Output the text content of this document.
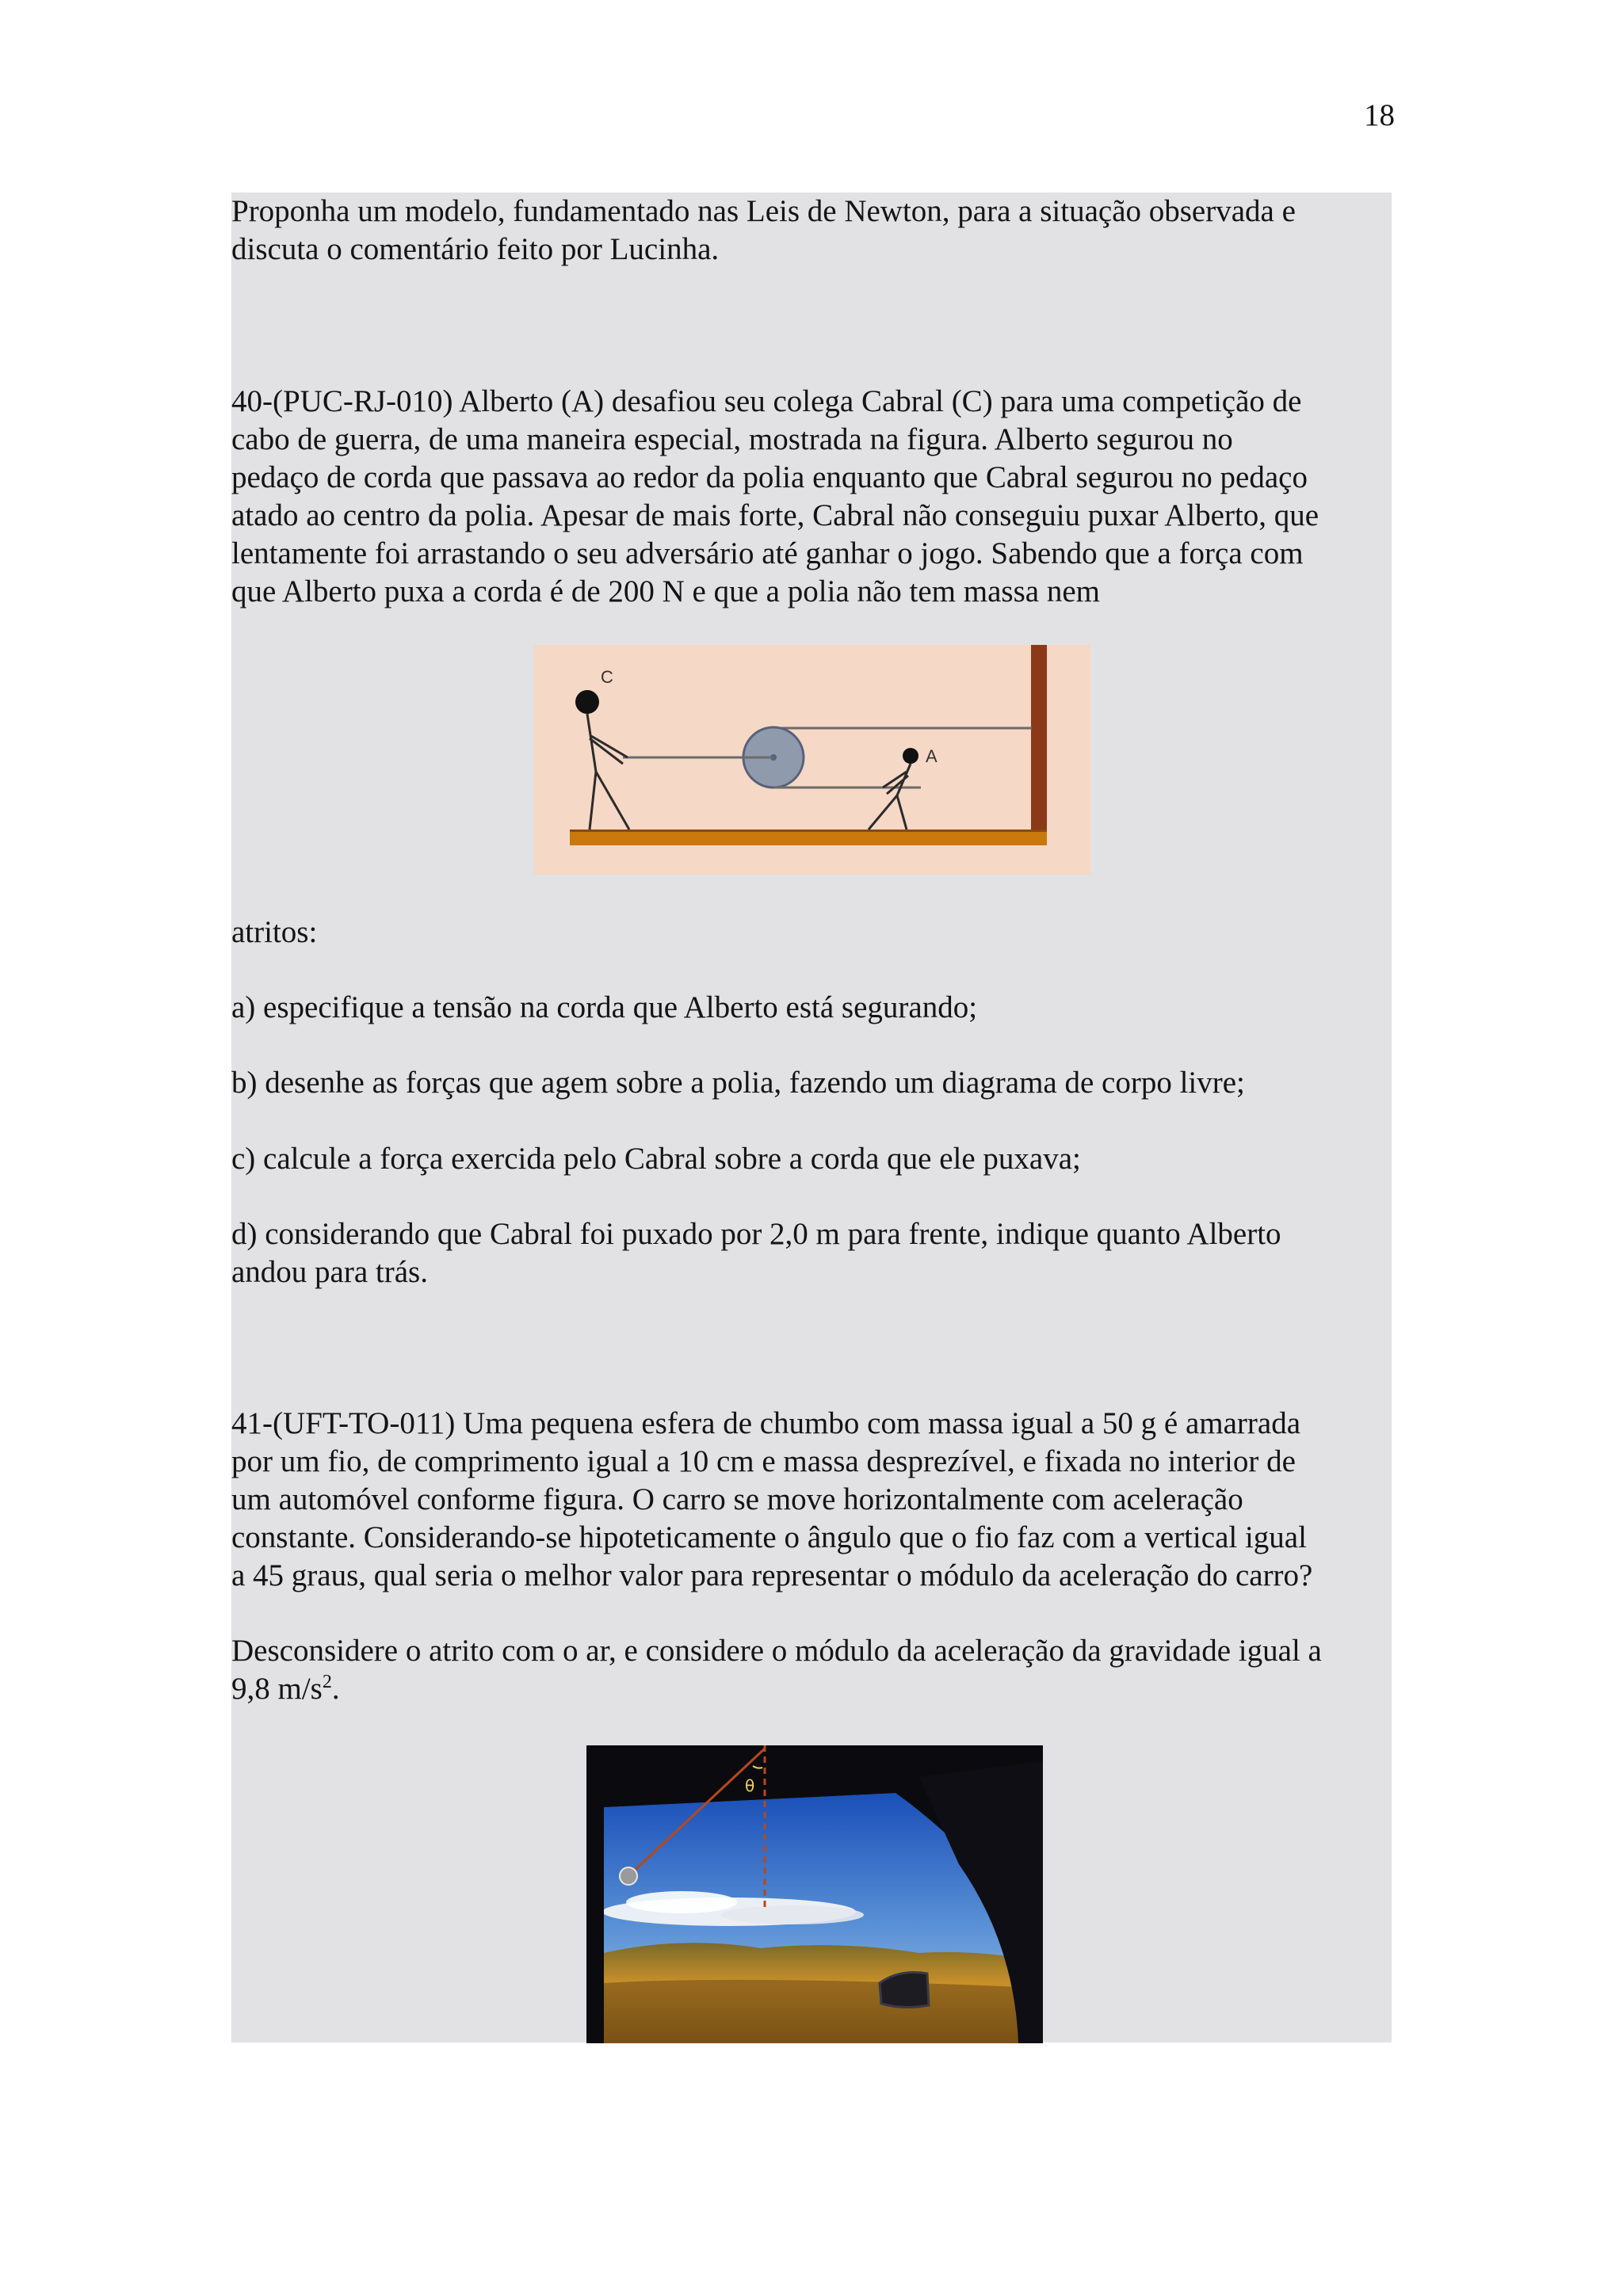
18

Proponha um modelo, fundamentado nas Leis de Newton, para a situação observada e
discuta o comentário feito por Lucinha.

40-(PUC-RJ-010) Alberto (A) desafiou seu colega Cabral (C) para uma competição de
cabo de guerra, de uma maneira especial, mostrada na figura. Alberto segurou no
pedaço de corda que passava ao redor da polia enquanto que Cabral segurou no pedaço
atado ao centro da polia. Apesar de mais forte, Cabral não conseguiu puxar Alberto, que
lentamente foi arrastando o seu adversário até ganhar o jogo. Sabendo que a força com
que Alberto puxa a corda é de 200 N e que a polia não tem massa nem

C
A

atritos:

a) especifique a tensão na corda que Alberto está segurando;

b) desenhe as forças que agem sobre a polia, fazendo um diagrama de corpo livre;

c) calcule a força exercida pelo Cabral sobre a corda que ele puxava;

d) considerando que Cabral foi puxado por 2,0 m para frente, indique quanto Alberto
andou para trás.

41-(UFT-TO-011) Uma pequena esfera de chumbo com massa igual a 50 g é amarrada
por um fio, de comprimento igual a 10 cm e massa desprezível, e fixada no interior de
um automóvel conforme figura. O carro se move horizontalmente com aceleração
constante. Considerando-se hipoteticamente o ângulo que o fio faz com a vertical igual
a 45 graus, qual seria o melhor valor para representar o módulo da aceleração do carro?

Desconsidere o atrito com o ar, e considere o módulo da aceleração da gravidade igual a
9,8 $m/s^2$.

θ
